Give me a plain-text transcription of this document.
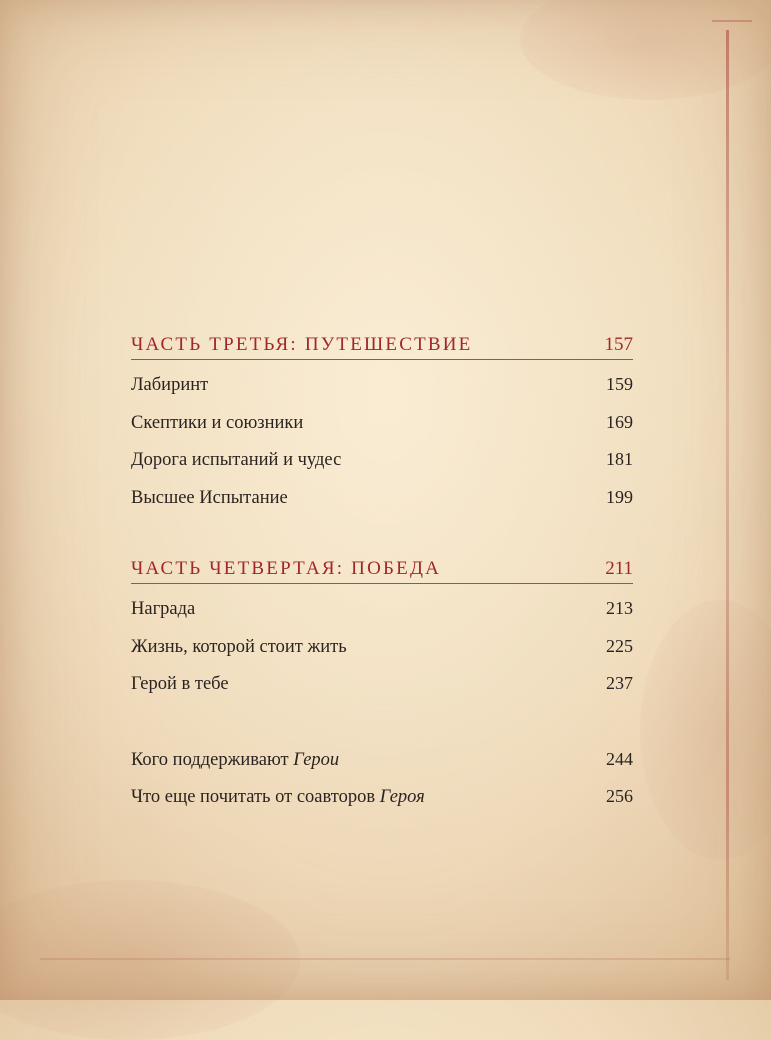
ЧАСТЬ ТРЕТЬЯ: ПУТЕШЕСТВИЕ	157
Лабиринт	159
Скептики и союзники	169
Дорога испытаний и чудес	181
Высшее Испытание	199
ЧАСТЬ ЧЕТВЕРТАЯ: ПОБЕДА	211
Награда	213
Жизнь, которой стоит жить	225
Герой в тебе	237
Кого поддерживают Герои	244
Что еще почитать от соавторов Героя	256
